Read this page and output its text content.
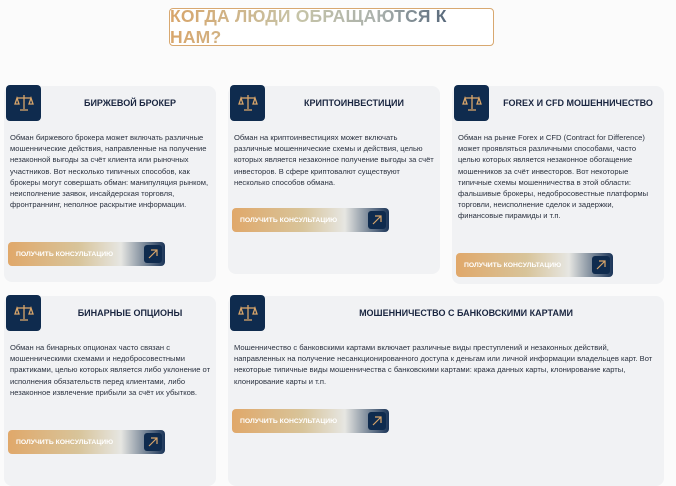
КОГДА ЛЮДИ ОБРАЩАЮТСЯ К НАМ?
БИРЖЕВОЙ БРОКЕР
Обман биржевого брокера может включать различные мошеннические действия, направленные на получение незаконной выгоды за счёт клиента или рыночных участников. Вот несколько типичных способов, как брокеры могут совершать обман: манипуляция рынком, неисполнение заявок, инсайдерская торговля, фронтраннинг, неполное раскрытие информации.
ПОЛУЧИТЬ КОНСУЛЬТАЦИЮ
КРИПТОИНВЕСТИЦИИ
Обман на криптоинвестициях может включать различные мошеннические схемы и действия, целью которых является незаконное получение выгоды за счёт инвесторов. В сфере криптовалют существуют несколько способов обмана.
ПОЛУЧИТЬ КОНСУЛЬТАЦИЮ
FOREX И CFD МОШЕННИЧЕСТВО
Обман на рынке Forex и CFD (Contract for Difference) может проявляться различными способами, часто целью которых является незаконное обогащение мошенников за счёт инвесторов. Вот некоторые типичные схемы мошенничества в этой области: фальшивые брокеры, недобросовестные платформы торговли, неисполнение сделок и задержки, финансовые пирамиды и т.п.
ПОЛУЧИТЬ КОНСУЛЬТАЦИЮ
БИНАРНЫЕ ОПЦИОНЫ
Обман на бинарных опционах часто связан с мошенническими схемами и недобросовестными практиками, целью которых является либо уклонение от исполнения обязательств перед клиентами, либо незаконное извлечение прибыли за счёт их убытков.
ПОЛУЧИТЬ КОНСУЛЬТАЦИЮ
МОШЕННИЧЕСТВО С БАНКОВСКИМИ КАРТАМИ
Мошенничество с банковскими картами включает различные виды преступлений и незаконных действий, направленных на получение несанкционированного доступа к деньгам или личной информации владельцев карт. Вот некоторые типичные виды мошенничества с банковскими картами: кража данных карты, клонирование карты, клонирование карты и т.п.
ПОЛУЧИТЬ КОНСУЛЬТАЦИЮ
